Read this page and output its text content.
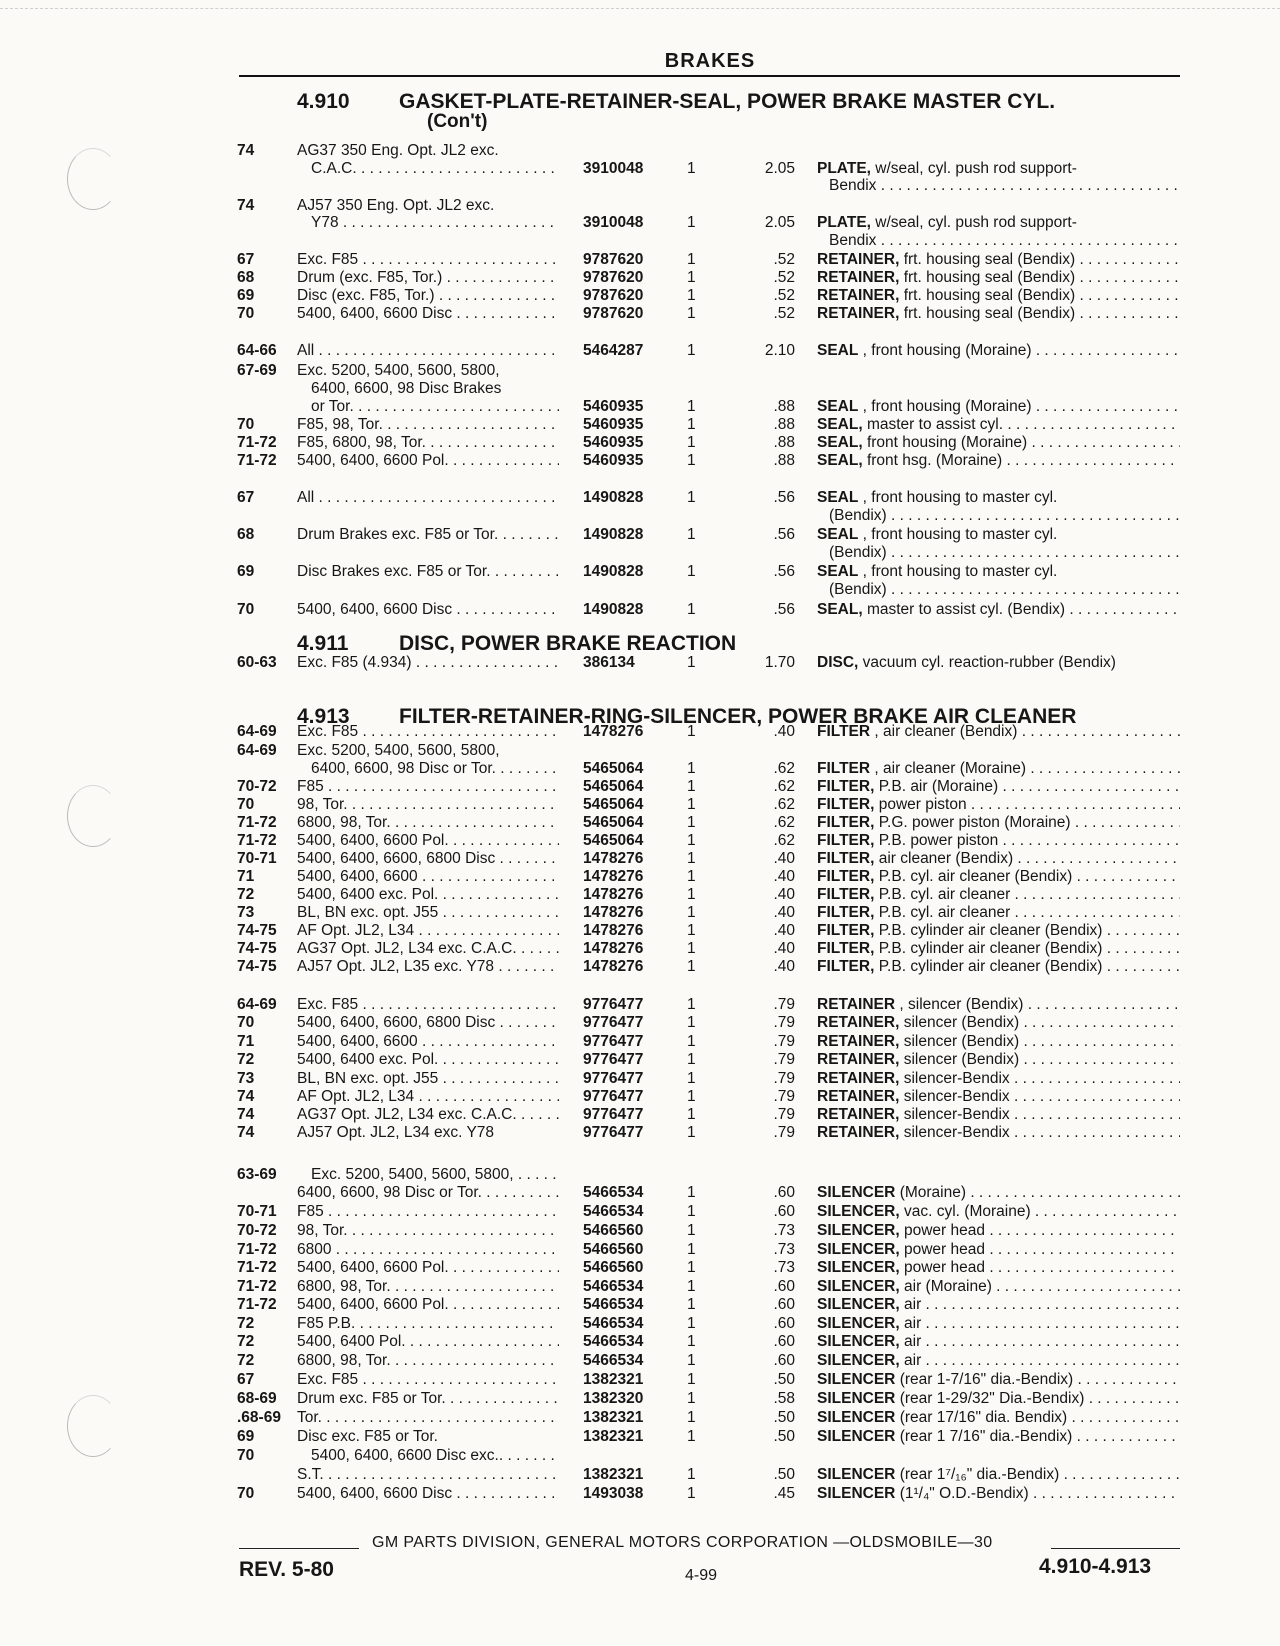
BRAKES
4.910 GASKET-PLATE-RETAINER-SEAL, POWER BRAKE MASTER CYL.
(Con't)
4.911 DISC, POWER BRAKE REACTION
4.913 FILTER-RETAINER-RING-SILENCER, POWER BRAKE AIR CLEANER
74	AG37 350 Eng. Opt. JL2 exc.
C.A.C. . . .	3910048	1	2.05 PLATE, w/seal, cyl. push rod support-
Bendix . . .
74	AJ57 350 Eng. Opt. JL2 exc.
Y78 . . .	3910048	1	2.05 PLATE, w/seal, cyl. push rod support-
Bendix . . .
67	Exc. F85 . . .	9787620	1	.52 RETAINER, frt. housing seal (Bendix) . . .
68	Drum (exc. F85, Tor.) . . .	9787620	1	.52 RETAINER, frt. housing seal (Bendix) . . .
69	Disc (exc. F85, Tor.) . . .	9787620	1	.52 RETAINER, frt. housing seal (Bendix) . . .
70	5400, 6400, 6600 Disc . . .	9787620	1	.52 RETAINER, frt. housing seal (Bendix) . . .
64-66 All . . .	5464287	1	2.10 SEAL , front housing (Moraine) . . .
67-69 Exc. 5200, 5400, 5600, 5800,
6400, 6600, 98 Disc Brakes
or Tor. . . .	5460935	1	.88 SEAL , front housing (Moraine) . . .
70	F85, 98, Tor. . . .	5460935	1	.88 SEAL, master to assist cyl. . . .
71-72 F85, 6800, 98, Tor. . . .	5460935	1	.88 SEAL, front housing (Moraine) . . .
71-72 5400, 6400, 6600 Pol. . . .	5460935	1	.88 SEAL, front hsg. (Moraine) . . .
67	All . . .	1490828	1	.56 SEAL , front housing to master cyl.
(Bendix) . . .
68	Drum Brakes exc. F85 or Tor. . . .	1490828	1	.56 SEAL , front housing to master cyl.
(Bendix) . . .
69	Disc Brakes exc. F85 or Tor. . . .	1490828	1	.56 SEAL , front housing to master cyl.
(Bendix) . . .
70	5400, 6400, 6600 Disc . . .	1490828	1	.56 SEAL, master to assist cyl. (Bendix) . . .
60-63 Exc. F85 (4.934) . . .	386134	1	1.70 DISC, vacuum cyl. reaction-rubber (Bendix)
64-69 Exc. F85 . . .	1478276	1	.40 FILTER , air cleaner (Bendix) . . .
64-69 Exc. 5200, 5400, 5600, 5800,
6400, 6600, 98 Disc or Tor. . . .	5465064	1	.62 FILTER , air cleaner (Moraine) . . .
70-72 F85 . . .	5465064	1	.62 FILTER, P.B. air (Moraine) . . .
70	98, Tor. . . .	5465064	1	.62 FILTER, power piston . . .
71-72 6800, 98, Tor. . . .	5465064	1	.62 FILTER, P.G. power piston (Moraine) . . .
71-72 5400, 6400, 6600 Pol. . . .	5465064	1	.62 FILTER, P.B. power piston . . .
70-71 5400, 6400, 6600, 6800 Disc . . .	1478276	1	.40 FILTER, air cleaner (Bendix) . . .
71	5400, 6400, 6600 . . .	1478276	1	.40 FILTER, P.B. cyl. air cleaner (Bendix) . . .
72	5400, 6400 exc. Pol. . . .	1478276	1	.40 FILTER, P.B. cyl. air cleaner . . .
73	BL, BN exc. opt. J55 . . .	1478276	1	.40 FILTER, P.B. cyl. air cleaner . . .
74-75 AF Opt. JL2, L34 . . .	1478276	1	.40 FILTER, P.B. cylinder air cleaner (Bendix) . . .
74-75 AG37 Opt. JL2, L34 exc. C.A.C. . . .	1478276	1	.40 FILTER, P.B. cylinder air cleaner (Bendix) . . .
74-75 AJ57 Opt. JL2, L35 exc. Y78 . . .	1478276	1	.40 FILTER, P.B. cylinder air cleaner (Bendix) . . .
64-69 Exc. F85 . . .	9776477	1	.79 RETAINER , silencer (Bendix) . . .
70	5400, 6400, 6600, 6800 Disc . . .	9776477	1	.79 RETAINER, silencer (Bendix) . . .
71	5400, 6400, 6600 . . .	9776477	1	.79 RETAINER, silencer (Bendix) . . .
72	5400, 6400 exc. Pol. . . .	9776477	1	.79 RETAINER, silencer (Bendix) . . .
73	BL, BN exc. opt. J55 . . .	9776477	1	.79 RETAINER, silencer-Bendix . . .
74	AF Opt. JL2, L34 . . .	9776477	1	.79 RETAINER, silencer-Bendix . . .
74	AG37 Opt. JL2, L34 exc. C.A.C. . . .	9776477	1	.79 RETAINER, silencer-Bendix . . .
74	AJ57 Opt. JL2, L34 exc. Y78	9776477	1	.79 RETAINER, silencer-Bendix . . .
63-69 Exc. 5200, 5400, 5600, 5800, . . .
6400, 6600, 98 Disc or Tor. . . .	5466534	1	.60 SILENCER (Moraine) . . .
70-71 F85 . . .	5466534	1	.60 SILENCER, vac. cyl. (Moraine) . . .
70-72 98, Tor. . . .	5466560	1	.73 SILENCER, power head . . .
71-72 6800 . . .	5466560	1	.73 SILENCER, power head . . .
71-72 5400, 6400, 6600 Pol. . . .	5466560	1	.73 SILENCER, power head . . .
71-72 6800, 98, Tor. . . .	5466534	1	.60 SILENCER, air (Moraine) . . .
71-72 5400, 6400, 6600 Pol. . . .	5466534	1	.60 SILENCER, air . . .
72	F85 P.B. . . .	5466534	1	.60 SILENCER, air . . .
72	5400, 6400 Pol. . . .	5466534	1	.60 SILENCER, air . . .
72	6800, 98, Tor. . . .	5466534	1	.60 SILENCER, air . . .
67	Exc. F85 . . .	1382321	1	.50 SILENCER (rear 1-7/16" dia.-Bendix) . . .
68-69 Drum exc. F85 or Tor. . . .	1382320	1	.58 SILENCER (rear 1-29/32" Dia.-Bendix) . . .
.68-69 Tor. . . .	1382321	1	.50 SILENCER (rear 17/16" dia. Bendix) . . .
69	Disc exc. F85 or Tor.	1382321	1	.50 SILENCER (rear 1 7/16" dia.-Bendix) . . .
70	5400, 6400, 6600 Disc exc.. . . .
S.T. . . .	1382321	1	.50 SILENCER (rear 1⁷/₁₆" dia.-Bendix) . . .
70	5400, 6400, 6600 Disc . . .	1493038	1	.45 SILENCER (1¹/₄" O.D.-Bendix) . . .
GM PARTS DIVISION, GENERAL MOTORS CORPORATION —OLDSMOBILE—30
REV. 5-80	4-99	4.910-4.913
